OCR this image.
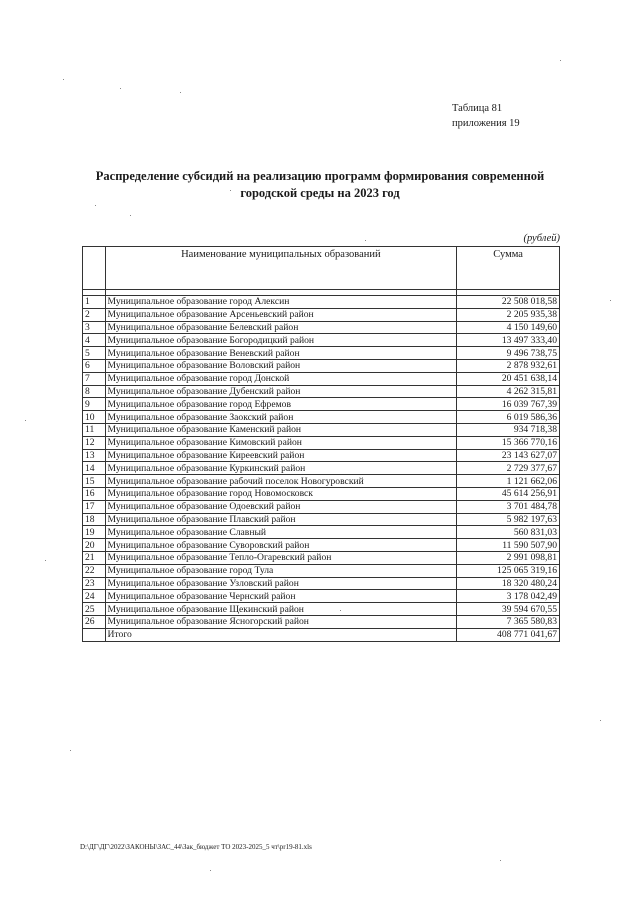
Таблица 81
приложения 19
Распределение субсидий на реализацию программ формирования современной
городской среды на 2023 год
(рублей)
	Наименование муниципальных образований	Сумма

1	Муниципальное образование город Алексин	22 508 018,58
2	Муниципальное образование Арсеньевский район	2 205 935,38
3	Муниципальное образование Белевский район	4 150 149,60
4	Муниципальное образование Богородицкий район	13 497 333,40
5	Муниципальное образование Веневский район	9 496 738,75
6	Муниципальное образование Воловский район	2 878 932,61
7	Муниципальное образование город Донской	20 451 638,14
8	Муниципальное образование Дубенский район	4 262 315,81
9	Муниципальное образование город Ефремов	16 039 767,39
10	Муниципальное образование Заокский район	6 019 586,36
11	Муниципальное образование Каменский район	934 718,38
12	Муниципальное образование Кимовский район	15 366 770,16
13	Муниципальное образование Киреевский район	23 143 627,07
14	Муниципальное образование Куркинский район	2 729 377,67
15	Муниципальное образование рабочий поселок Новогуровский	1 121 662,06
16	Муниципальное образование город Новомосковск	45 614 256,91
17	Муниципальное образование Одоевский район	3 701 484,78
18	Муниципальное образование Плавский район	5 982 197,63
19	Муниципальное образование Славный	560 831,03
20	Муниципальное образование Суворовский район	11 590 507,90
21	Муниципальное образование Тепло-Огаревский район	2 991 098,81
22	Муниципальное образование город Тула	125 065 319,16
23	Муниципальное образование Узловский район	18 320 480,24
24	Муниципальное образование Чернский район	3 178 042,49
25	Муниципальное образование Щекинский район	39 594 670,55
26	Муниципальное образование Ясногорский район	7 365 580,83
	Итого	408 771 041,67
D:\ДГ\ДГ\2022\ЗАКОНЫ\ЗАС_44\Зак_бюджет ТО 2023-2025_5 чт\pr19-81.xls
